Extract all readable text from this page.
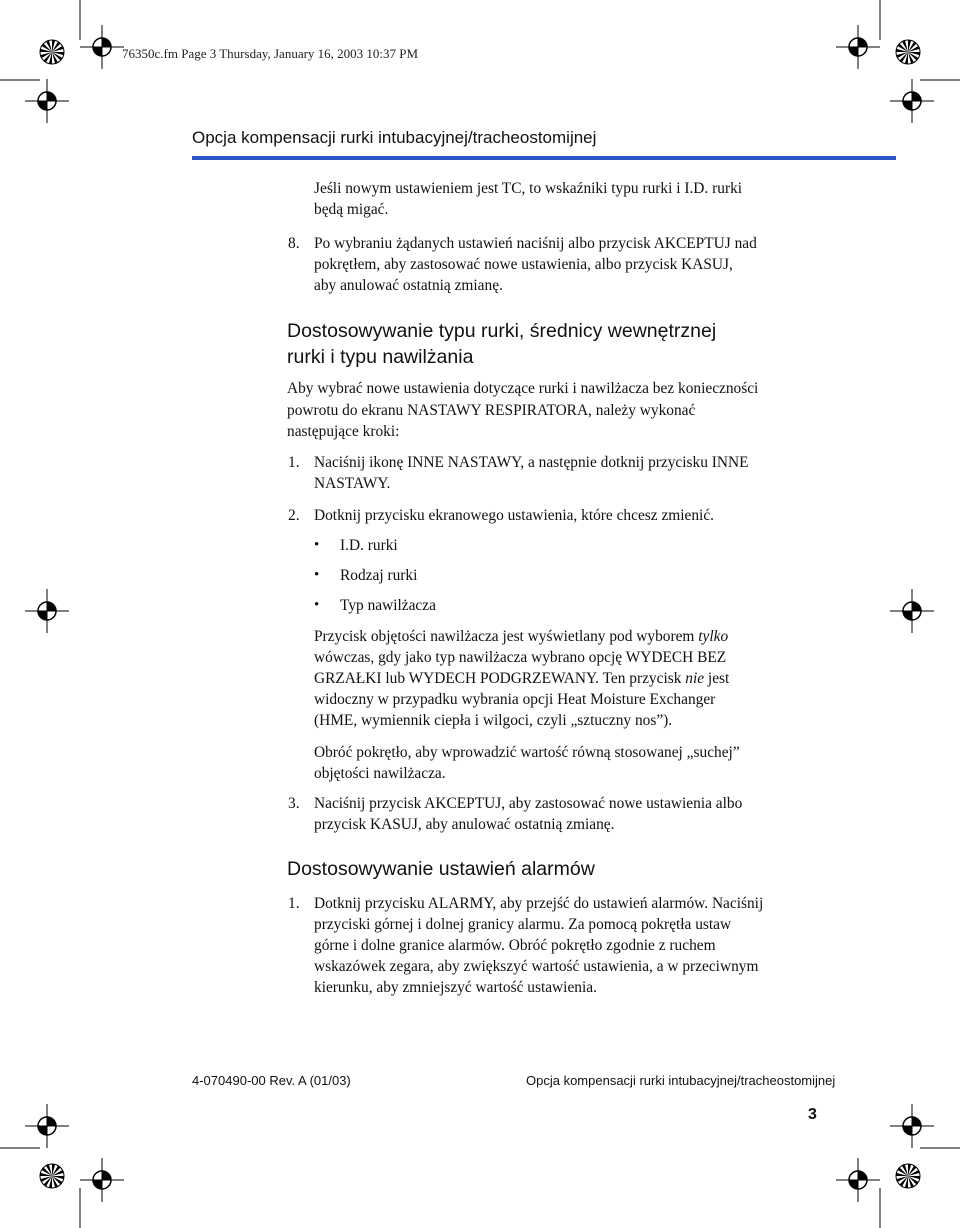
76350c.fm Page 3 Thursday, January 16, 2003 10:37 PM
Opcja kompensacji rurki intubacyjnej/tracheostomijnej
Jeśli nowym ustawieniem jest TC, to wskaźniki typu rurki i I.D. rurki
będą migać.
8. Po wybraniu żądanych ustawień naciśnij albo przycisk AKCEPTUJ nad
pokrętłem, aby zastosować nowe ustawienia, albo przycisk KASUJ,
aby anulować ostatnią zmianę.
Dostosowywanie typu rurki, średnicy wewnętrznej
rurki i typu nawilżania
Aby wybrać nowe ustawienia dotyczące rurki i nawilżacza bez konieczności
powrotu do ekranu NASTAWY RESPIRATORA, należy wykonać
następujące kroki:
1. Naciśnij ikonę INNE NASTAWY, a następnie dotknij przycisku INNE
NASTAWY.
2. Dotknij przycisku ekranowego ustawienia, które chcesz zmienić.
• I.D. rurki
• Rodzaj rurki
• Typ nawilżacza
Przycisk objętości nawilżacza jest wyświetlany pod wyborem tylko
wówczas, gdy jako typ nawilżacza wybrano opcję WYDECH BEZ
GRZAŁKI lub WYDECH PODGRZEWANY. Ten przycisk nie jest
widoczny w przypadku wybrania opcji Heat Moisture Exchanger
(HME, wymiennik ciepła i wilgoci, czyli „sztuczny nos”).
Obróć pokrętło, aby wprowadzić wartość równą stosowanej „suchej”
objętości nawilżacza.
3. Naciśnij przycisk AKCEPTUJ, aby zastosować nowe ustawienia albo
przycisk KASUJ, aby anulować ostatnią zmianę.
Dostosowywanie ustawień alarmów
1. Dotknij przycisku ALARMY, aby przejść do ustawień alarmów. Naciśnij
przyciski górnej i dolnej granicy alarmu. Za pomocą pokrętła ustaw
górne i dolne granice alarmów. Obróć pokrętło zgodnie z ruchem
wskazówek zegara, aby zwiększyć wartość ustawienia, a w przeciwnym
kierunku, aby zmniejszyć wartość ustawienia.
4-070490-00 Rev. A (01/03)	Opcja kompensacji rurki intubacyjnej/tracheostomijnej
3
